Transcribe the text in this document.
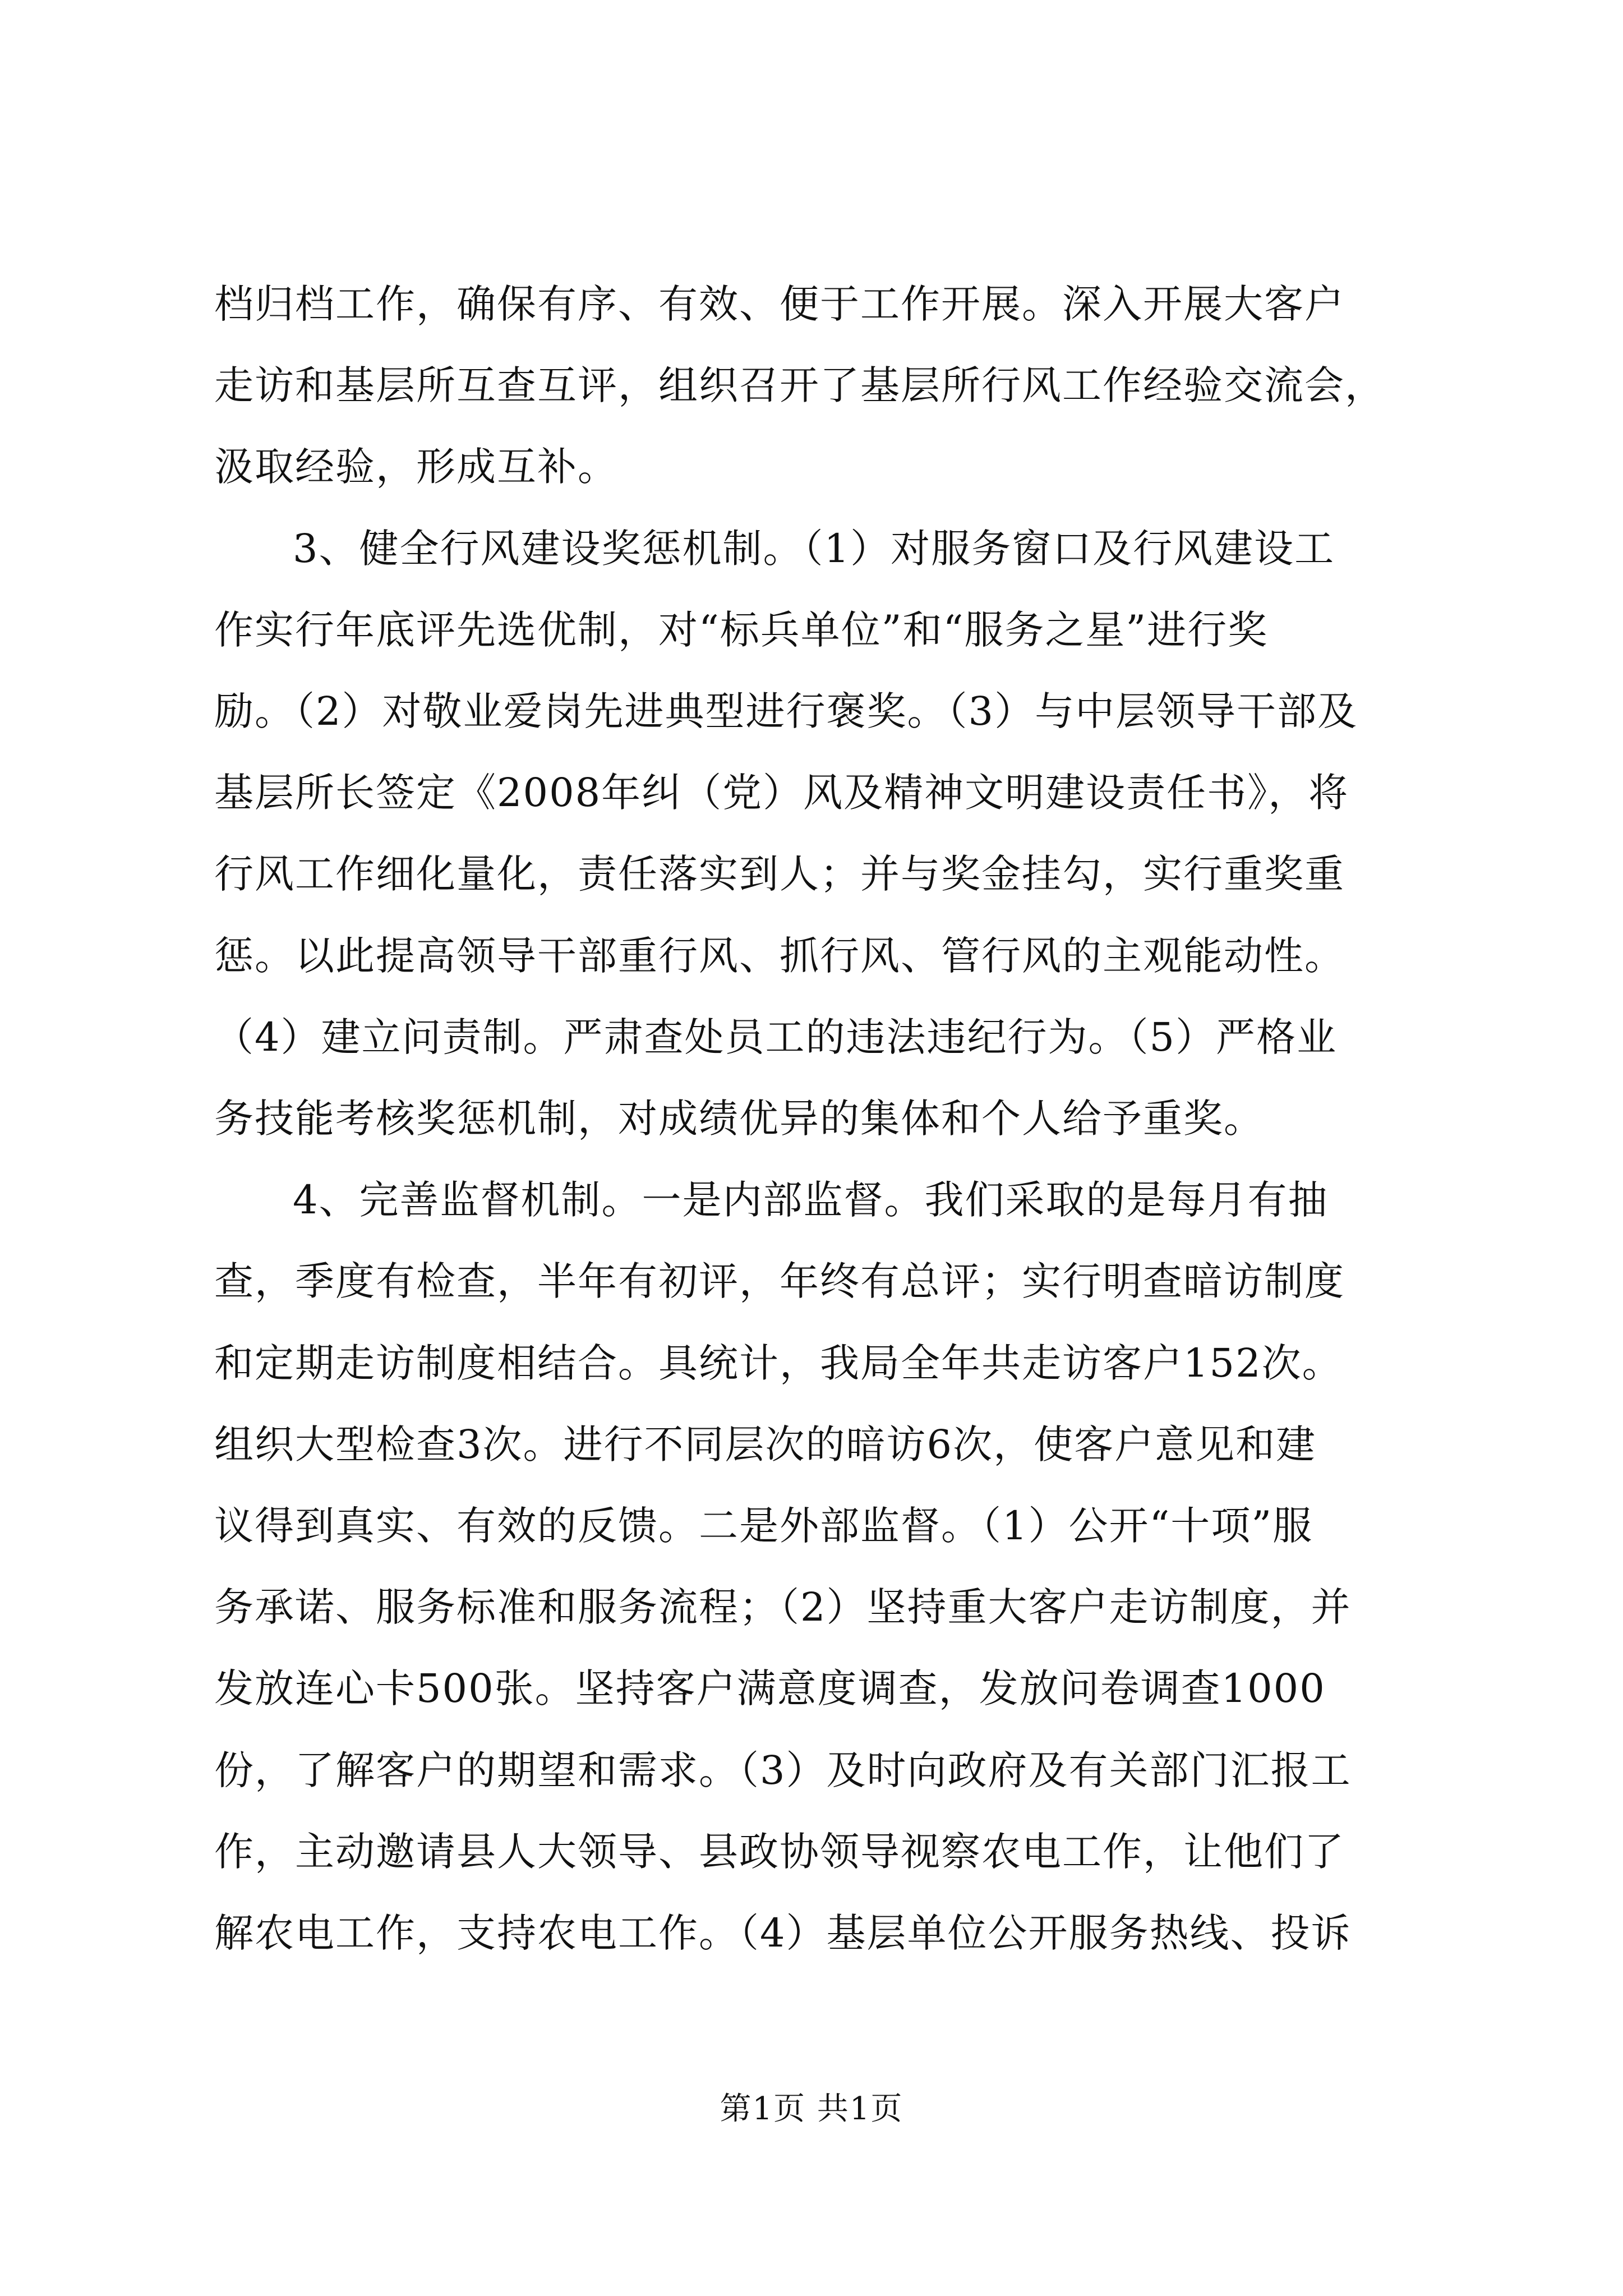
档归档工作，确保有序、有效、便于工作开展。深入开展大客户
走访和基层所互查互评，组织召开了基层所行风工作经验交流会，
汲取经验，形成互补。

3、健全行风建设奖惩机制。（1）对服务窗口及行风建设工
作实行年底评先选优制，对“标兵单位”和“服务之星”进行奖
励。（2）对敬业爱岗先进典型进行褒奖。（3）与中层领导干部及
基层所长签定《2008年纠（党）风及精神文明建设责任书》，将
行风工作细化量化，责任落实到人；并与奖金挂勾，实行重奖重
惩。以此提高领导干部重行风、抓行风、管行风的主观能动性。
（4）建立问责制。严肃查处员工的违法违纪行为。（5）严格业
务技能考核奖惩机制，对成绩优异的集体和个人给予重奖。

4、完善监督机制。一是内部监督。我们采取的是每月有抽
查，季度有检查，半年有初评，年终有总评；实行明查暗访制度
和定期走访制度相结合。具统计，我局全年共走访客户152次。
组织大型检查3次。进行不同层次的暗访6次，使客户意见和建
议得到真实、有效的反馈。二是外部监督。（1）公开“十项”服
务承诺、服务标准和服务流程；（2）坚持重大客户走访制度，并
发放连心卡500张。坚持客户满意度调查，发放问卷调查1000
份，了解客户的期望和需求。（3）及时向政府及有关部门汇报工
作，主动邀请县人大领导、县政协领导视察农电工作，让他们了
解农电工作，支持农电工作。（4）基层单位公开服务热线、投诉

第1页 共1页
